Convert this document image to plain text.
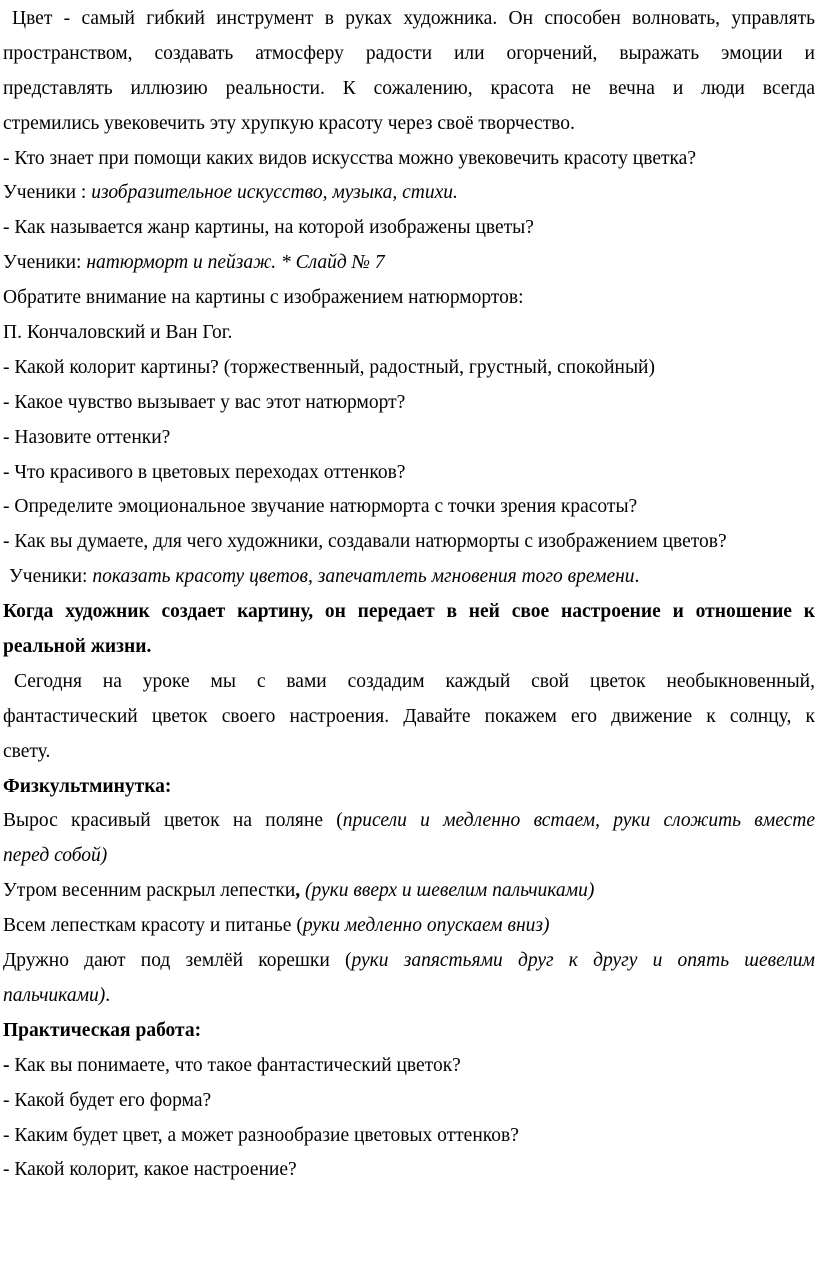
Цвет - самый гибкий инструмент в руках художника. Он способен волновать, управлять
пространством, создавать атмосферу радости или огорчений, выражать эмоции и
представлять иллюзию реальности. К сожалению, красота не вечна и люди всегда
стремились увековечить эту хрупкую красоту через своё творчество.
- Кто знает при помощи каких видов искусства можно увековечить красоту цветка?
Ученики : изобразительное искусство, музыка, стихи.
- Как называется жанр картины, на которой изображены цветы?
Ученики: натюрморт и пейзаж. * Слайд № 7
Обратите внимание на картины с изображением натюрмортов:
П. Кончаловский и Ван Гог.
- Какой колорит картины? (торжественный, радостный, грустный, спокойный)
- Какое чувство вызывает у вас этот натюрморт?
- Назовите оттенки?
- Что красивого в цветовых переходах оттенков?
- Определите эмоциональное звучание натюрморта с точки зрения красоты?
- Как вы думаете, для чего художники, создавали натюрморты с изображением цветов?
Ученики: показать красоту цветов, запечатлеть мгновения того времени.
Когда художник создает картину, он передает в ней свое настроение и отношение к
реальной жизни.
Сегодня на уроке мы с вами создадим каждый свой цветок необыкновенный,
фантастический цветок своего настроения. Давайте покажем его движение к солнцу, к
свету.
Физкультминутка:
Вырос красивый цветок на поляне (присели и медленно встаем, руки сложить вместе
перед собой)
Утром весенним раскрыл лепестки, (руки вверх и шевелим пальчиками)
Всем лепесткам красоту и питанье (руки медленно опускаем вниз)
Дружно дают под землёй корешки (руки запястьями друг к другу и опять шевелим
пальчиками).
Практическая работа:
- Как вы понимаете, что такое фантастический цветок?
- Какой будет его форма?
- Каким будет цвет, а может разнообразие цветовых оттенков?
- Какой колорит, какое настроение?
